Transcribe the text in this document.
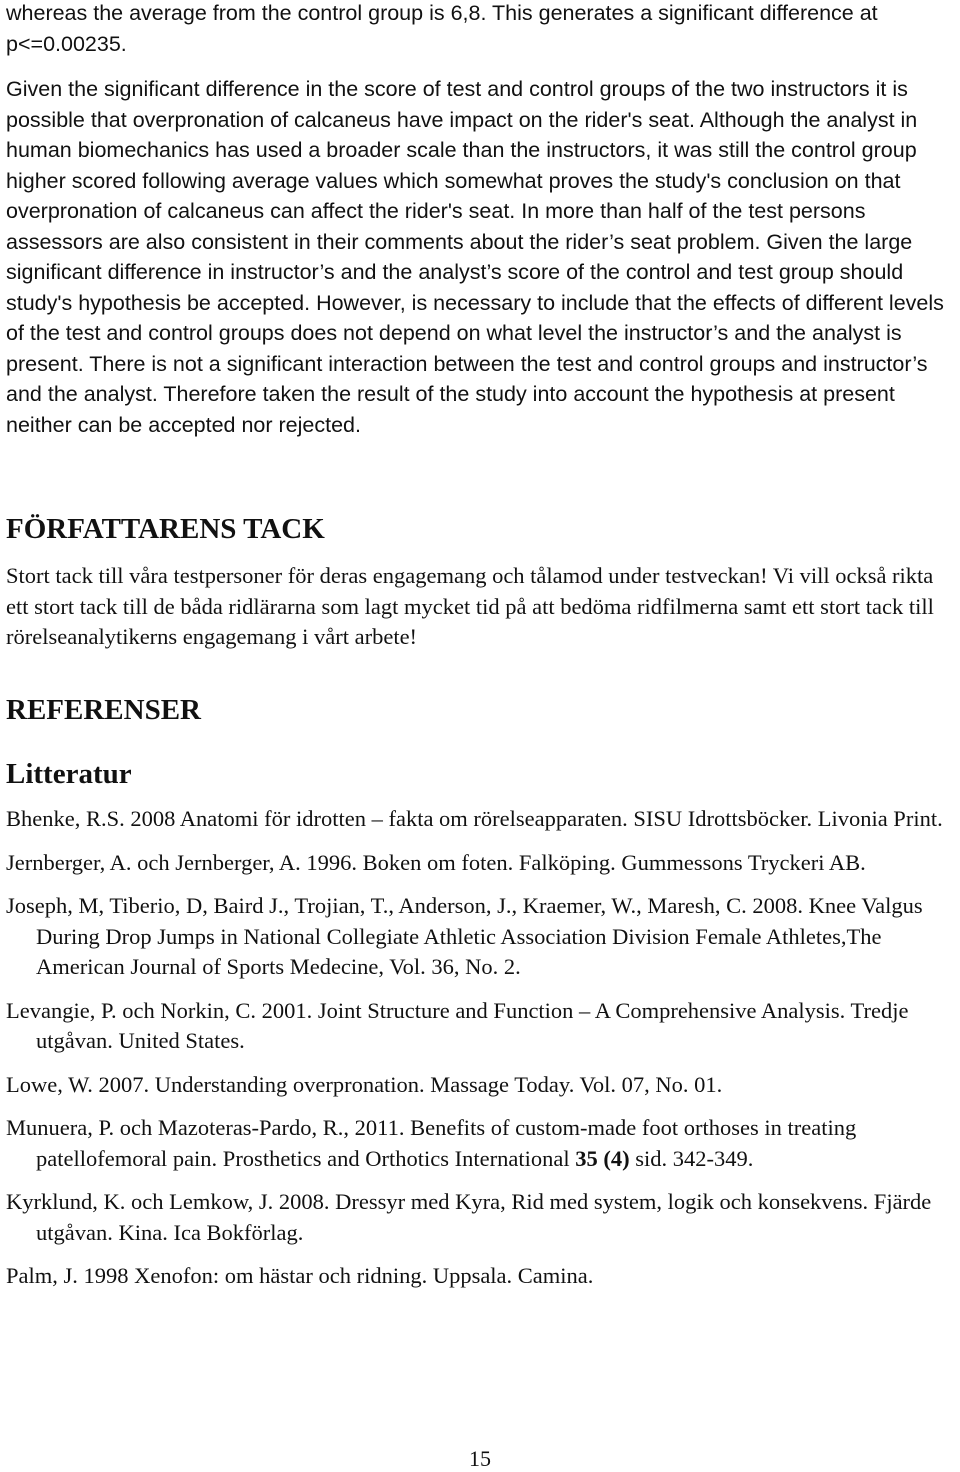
whereas the average from the control group is 6,8. This generates a significant difference at p<=0.00235.

Given the significant difference in the score of test and control groups of the two instructors it is possible that overpronation of calcaneus have impact on the rider's seat. Although the analyst in human biomechanics has used a broader scale than the instructors, it was still the control group higher scored following average values which somewhat proves the study's conclusion on that overpronation of calcaneus can affect the rider's seat. In more than half of the test persons assessors are also consistent in their comments about the rider’s seat problem. Given the large significant difference in instructor’s and the analyst’s score of the control and test group should study's hypothesis be accepted. However, is necessary to include that the effects of different levels of the test and control groups does not depend on what level the instructor’s and the analyst is present. There is not a significant interaction between the test and control groups and instructor’s and the analyst. Therefore taken the result of the study into account the hypothesis at present neither can be accepted nor rejected.

FÖRFATTARENS TACK

Stort tack till våra testpersoner för deras engagemang och tålamod under testveckan! Vi vill också rikta ett stort tack till de båda ridlärarna som lagt mycket tid på att bedöma ridfilmerna samt ett stort tack till rörelseanalytikerns engagemang i vårt arbete!

REFERENSER
Litteratur
Bhenke, R.S. 2008 Anatomi för idrotten – fakta om rörelseapparaten. SISU Idrottsböcker. Livonia Print.
Jernberger, A. och Jernberger, A. 1996. Boken om foten. Falköping. Gummessons Tryckeri AB.
Joseph, M, Tiberio, D, Baird J., Trojian, T., Anderson, J., Kraemer, W., Maresh, C. 2008. Knee Valgus During Drop Jumps in National Collegiate Athletic Association Division Female Athletes,The American Journal of Sports Medecine, Vol. 36, No. 2.
Levangie, P. och Norkin, C. 2001. Joint Structure and Function – A Comprehensive Analysis. Tredje utgåvan. United States.
Lowe, W. 2007. Understanding overpronation. Massage Today. Vol. 07, No. 01.
Munuera, P. och Mazoteras-Pardo, R., 2011. Benefits of custom-made foot orthoses in treating patellofemoral pain. Prosthetics and Orthotics International 35 (4) sid. 342-349.
Kyrklund, K. och Lemkow, J. 2008. Dressyr med Kyra, Rid med system, logik och konsekvens. Fjärde utgåvan. Kina. Ica Bokförlag.
Palm, J. 1998 Xenofon: om hästar och ridning. Uppsala. Camina.
15
